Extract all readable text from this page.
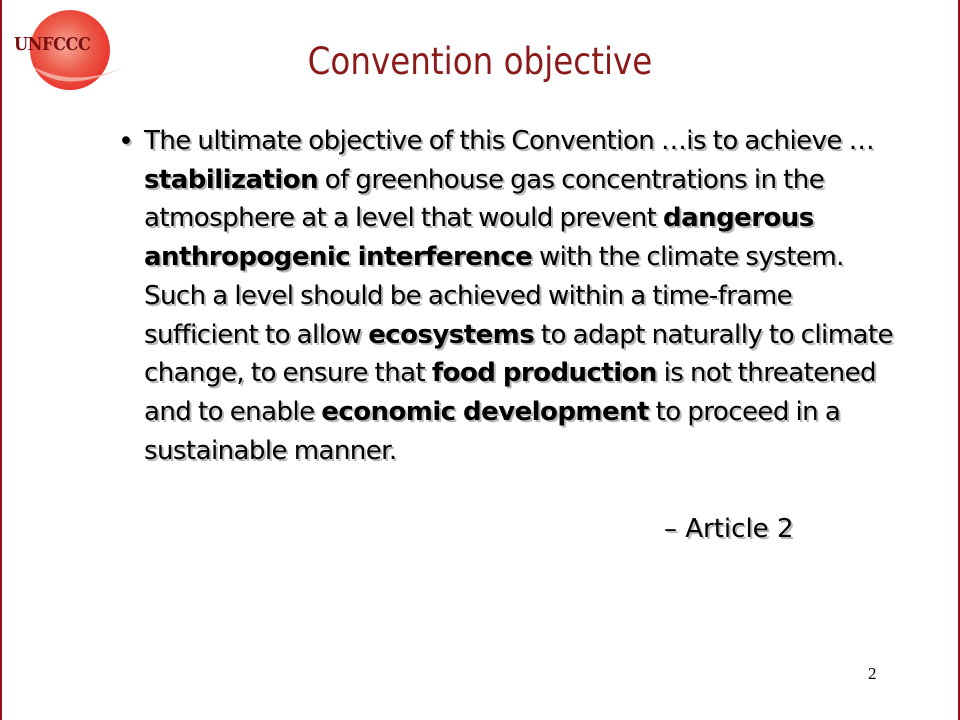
UNFCCC	Convention objective
• The ultimate objective of this Convention …is to achieve … stabilization of greenhouse gas concentrations in the atmosphere at a level that would prevent dangerous anthropogenic interference with the climate system. Such a level should be achieved within a time-frame sufficient to allow ecosystems to adapt naturally to climate change, to ensure that food production is not threatened and to enable economic development to proceed in a sustainable manner.

– Article 2
2
